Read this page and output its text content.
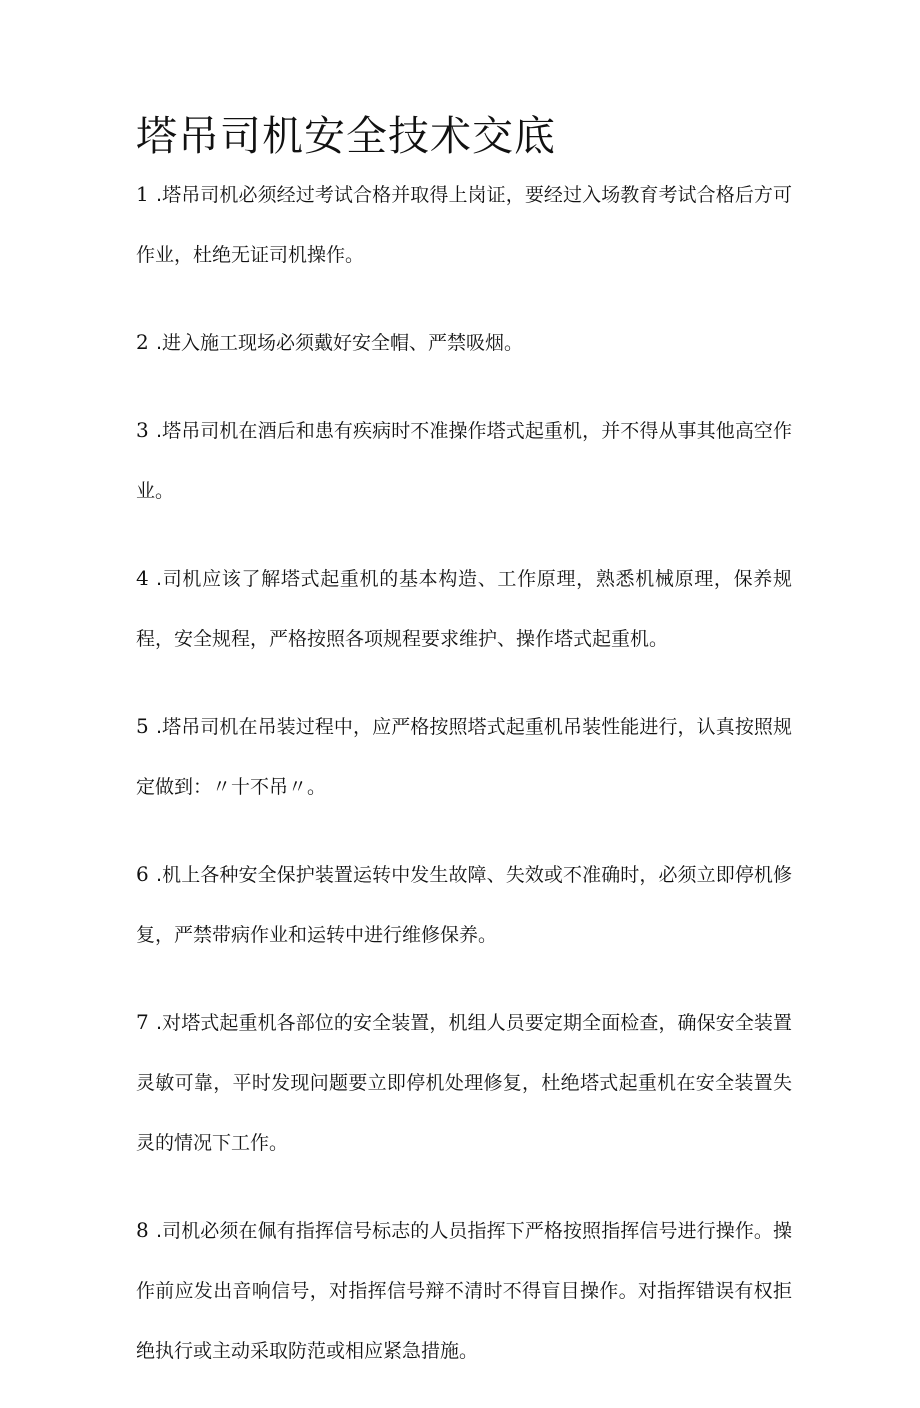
塔吊司机安全技术交底
1 .塔吊司机必须经过考试合格并取得上岗证，要经过入场教育考试合格后方可作业，杜绝无证司机操作。
2 .进入施工现场必须戴好安全帽、严禁吸烟。
3 .塔吊司机在酒后和患有疾病时不准操作塔式起重机，并不得从事其他高空作业。
4 .司机应该了解塔式起重机的基本构造、工作原理，熟悉机械原理，保养规程，安全规程，严格按照各项规程要求维护、操作塔式起重机。
5 .塔吊司机在吊装过程中，应严格按照塔式起重机吊装性能进行，认真按照规定做到：〃十不吊〃。
6 .机上各种安全保护装置运转中发生故障、失效或不准确时，必须立即停机修复，严禁带病作业和运转中进行维修保养。
7 .对塔式起重机各部位的安全装置，机组人员要定期全面检查，确保安全装置灵敏可靠，平时发现问题要立即停机处理修复，杜绝塔式起重机在安全装置失灵的情况下工作。
8 .司机必须在佩有指挥信号标志的人员指挥下严格按照指挥信号进行操作。操作前应发出音响信号，对指挥信号辩不清时不得盲目操作。对指挥错误有权拒绝执行或主动采取防范或相应紧急措施。
